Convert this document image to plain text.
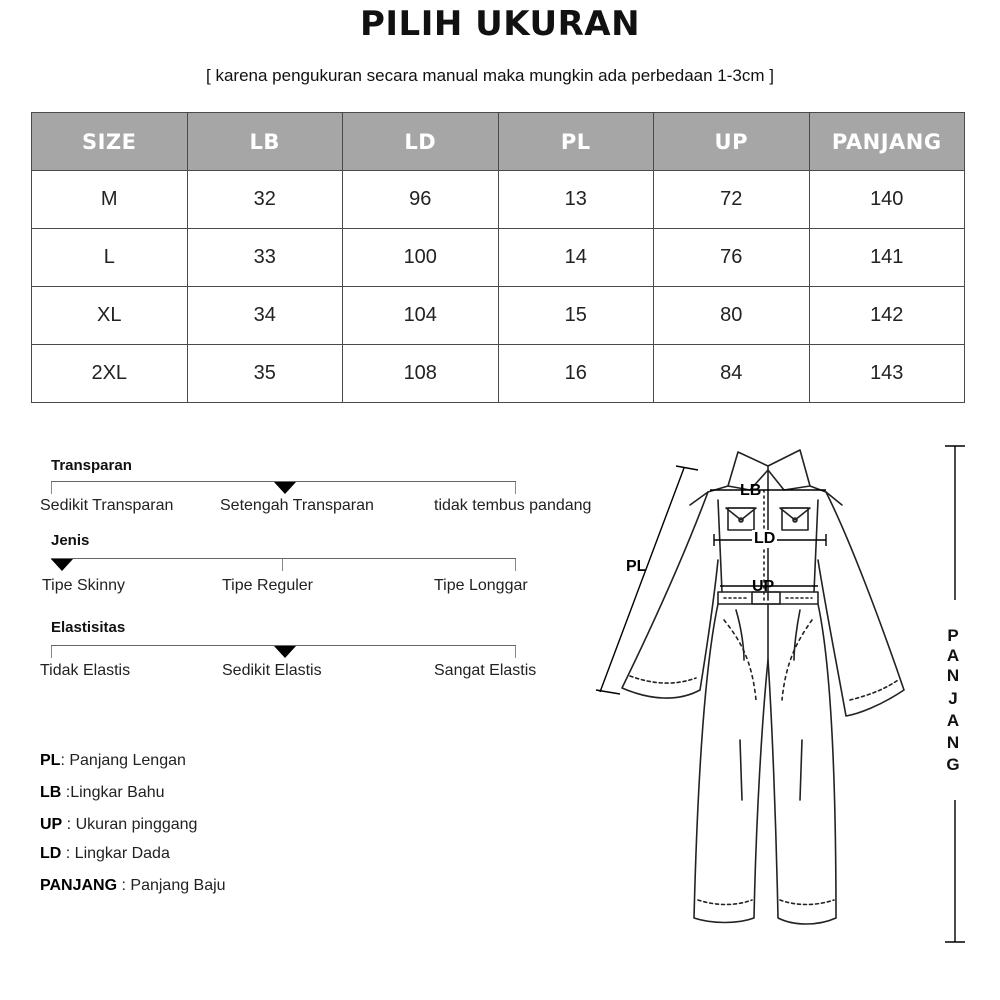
PILIH UKURAN
[ karena pengukuran secara manual maka mungkin ada perbedaan 1-3cm ]
SIZE	LB	LD	PL	UP	PANJANG
M	32	96	13	72	140
L	33	100	14	76	141
XL	34	104	15	80	142
2XL	35	108	16	84	143
Transparan
Sedikit Transparan	Setengah Transparan	tidak tembus pandang
Jenis
Tipe Skinny	Tipe Reguler	Tipe Longgar
Elastisitas
Tidak Elastis	Sedikit Elastis	Sangat Elastis
PL: Panjang Lengan
LB :Lingkar Bahu
UP : Ukuran pinggang
LD : Lingkar Dada
PANJANG : Panjang Baju
LB
LD
PL
UP
P
A
N
J
A
N
G
